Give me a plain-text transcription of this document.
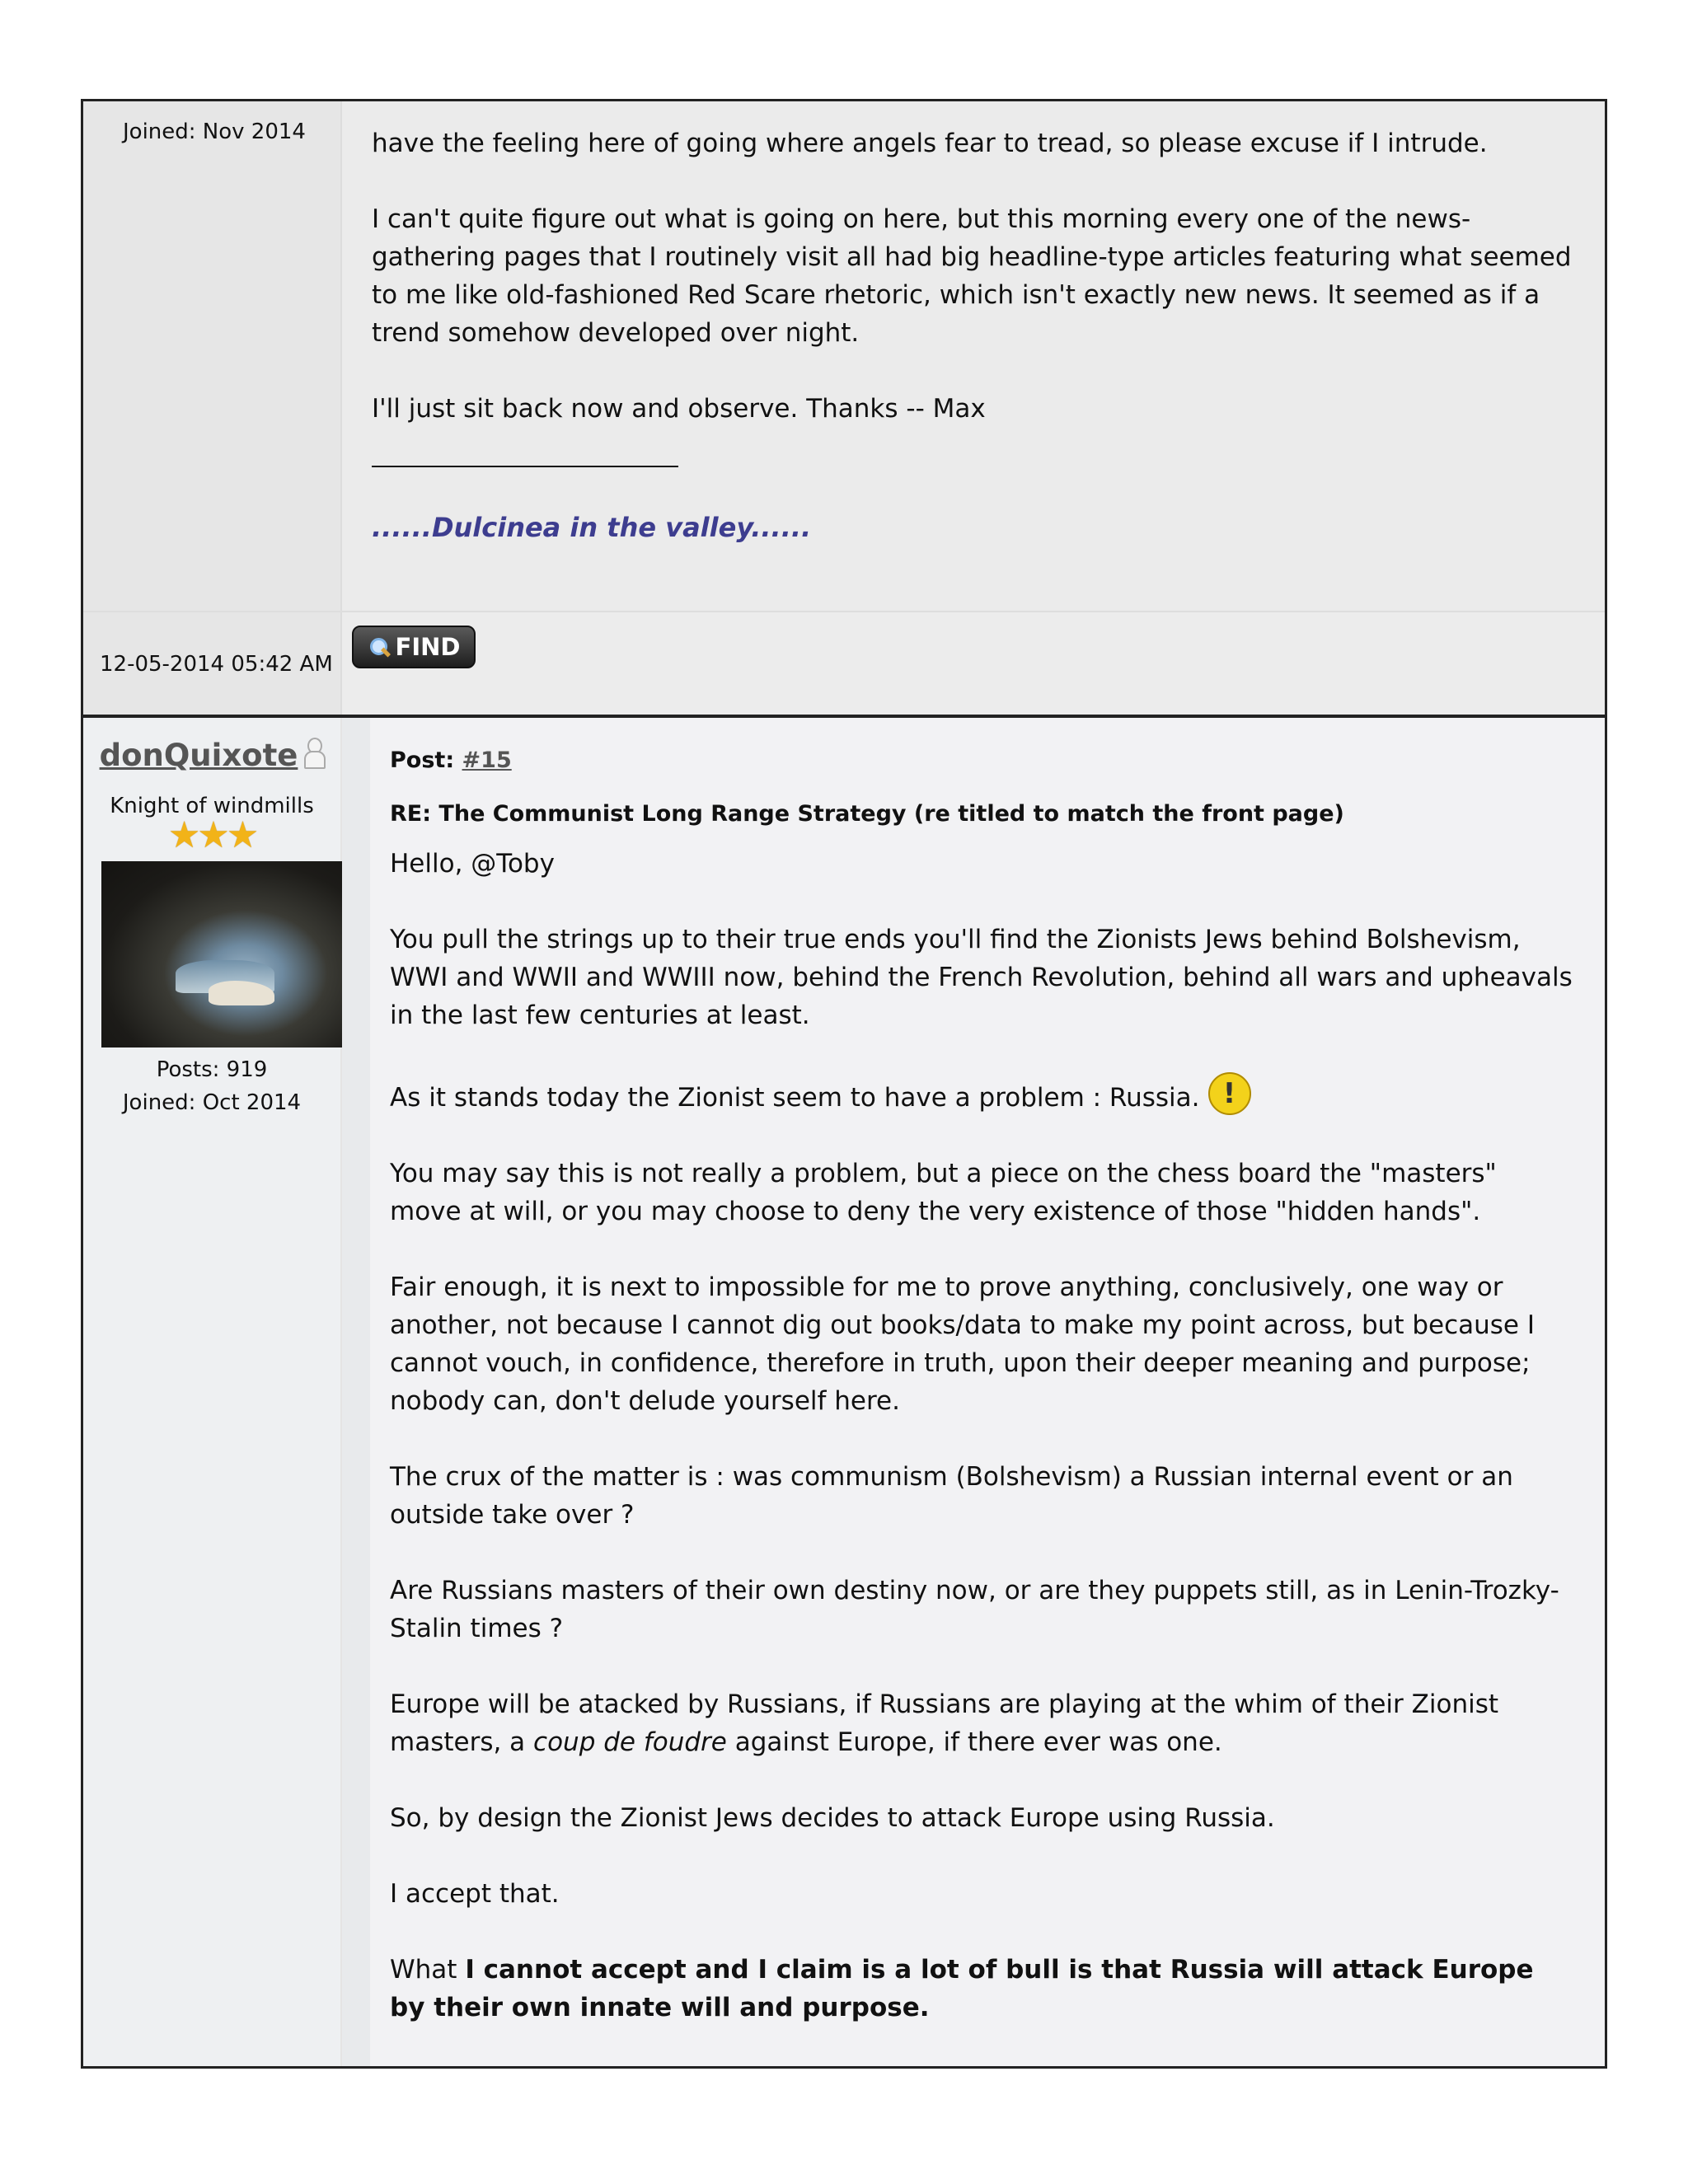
Joined: Nov 2014	have the feeling here of going where angels fear to tread, so please excuse if I intrude.

I can't quite figure out what is going on here, but this morning every one of the news-gathering pages that I routinely visit all had big headline-type articles featuring what seemed to me like old-fashioned Red Scare rhetoric, which isn't exactly new news. It seemed as if a trend somehow developed over night.

I'll just sit back now and observe. Thanks -- Max

......Dulcinea in the valley......
12-05-2014 05:42 AM
FIND
donQuixote
Knight of windmills
★★★
Posts: 919
Joined: Oct 2014
Post: #15
RE: The Communist Long Range Strategy (re titled to match the front page)

Hello, @Toby

You pull the strings up to their true ends you'll find the Zionists Jews behind Bolshevism, WWI and WWII and WWIII now, behind the French Revolution, behind all wars and upheavals in the last few centuries at least.

As it stands today the Zionist seem to have a problem : Russia. !

You may say this is not really a problem, but a piece on the chess board the "masters" move at will, or you may choose to deny the very existence of those "hidden hands".

Fair enough, it is next to impossible for me to prove anything, conclusively, one way or another, not because I cannot dig out books/data to make my point across, but because I cannot vouch, in confidence, therefore in truth, upon their deeper meaning and purpose; nobody can, don't delude yourself here.

The crux of the matter is : was communism (Bolshevism) a Russian internal event or an outside take over ?

Are Russians masters of their own destiny now, or are they puppets still, as in Lenin-Trozky-Stalin times ?

Europe will be atacked by Russians, if Russians are playing at the whim of their Zionist masters, a coup de foudre against Europe, if there ever was one.

So, by design the Zionist Jews decides to attack Europe using Russia.

I accept that.

What I cannot accept and I claim is a lot of bull is that Russia will attack Europe by their own innate will and purpose.
